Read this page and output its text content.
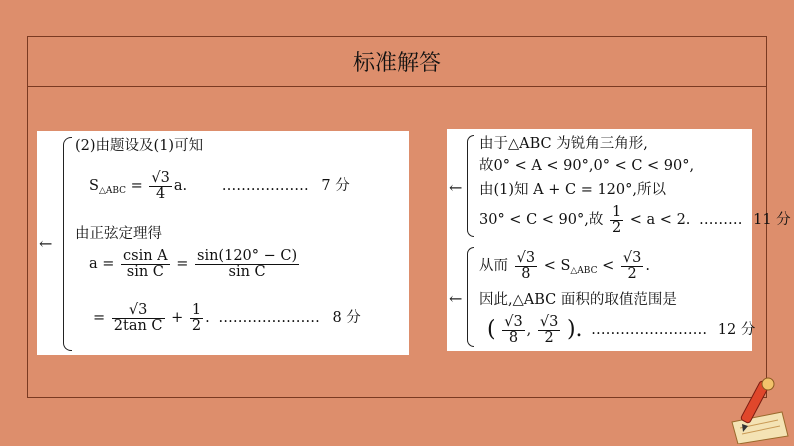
标准解答
(2)由题设及(1)可知
$S_{\triangle ABC} = \frac{√3}{4} a$. ……………… 7 分
由正弦定理得
$a = \frac{\text{csin A}}{\text{sin C}} = \frac{\sin(120^\circ - C)}{\text{sin C}}$
= $\frac{√3}{\text{2tan C}} + \frac{1}{2}$ . ………………… 8 分
←
由于△ABC 为锐角三角形,
故0° < A < 90°,0° < C < 90°,
由(1)知 A + C = 120°,所以
30° < C < 90°,故 $\frac{1}{2} < a < 2$. ……… 11 分
从而 $\frac{√3}{8} < S_{\triangle ABC} < \frac{√3}{2}$ .
因此,△ABC 面积的取值范围是
( $\frac{√3}{8}$ , $\frac{√3}{2}$ ). …………………… 12 分
←
←
